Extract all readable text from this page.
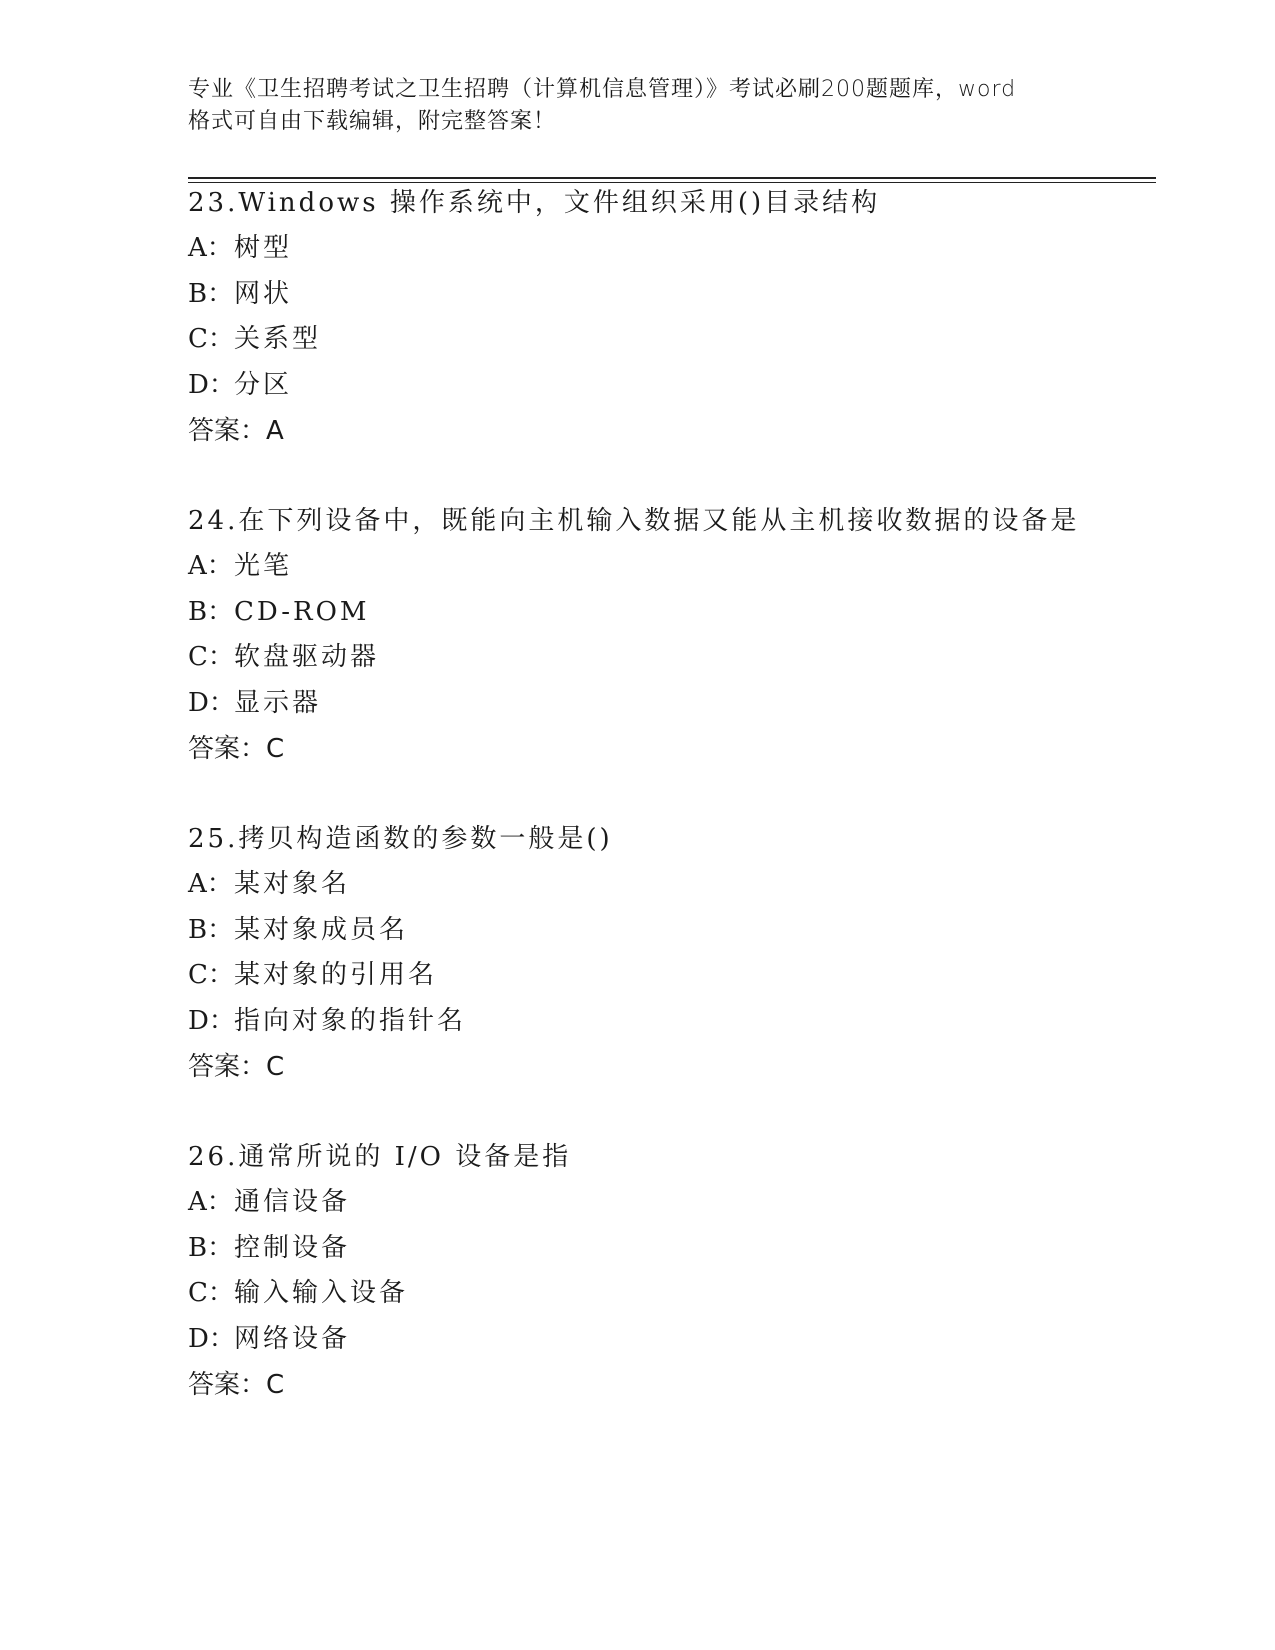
专业《卫生招聘考试之卫生招聘（计算机信息管理）》考试必刷200题题库，word
格式可自由下载编辑，附完整答案！
23.Windows 操作系统中，文件组织采用()目录结构
A：树型
B：网状
C：关系型
D：分区
答案：A
24.在下列设备中，既能向主机输入数据又能从主机接收数据的设备是
A：光笔
B：CD-ROM
C：软盘驱动器
D：显示器
答案：C
25.拷贝构造函数的参数一般是()
A：某对象名
B：某对象成员名
C：某对象的引用名
D：指向对象的指针名
答案：C
26.通常所说的 I/O 设备是指
A：通信设备
B：控制设备
C：输入输入设备
D：网络设备
答案：C
